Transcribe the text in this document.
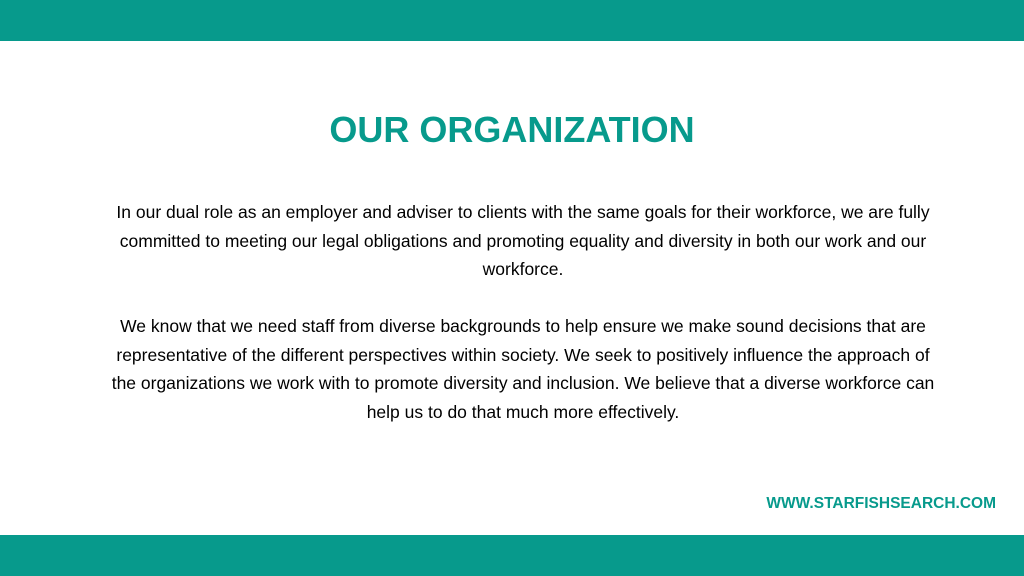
OUR ORGANIZATION

In our dual role as an employer and adviser to clients with the same goals for their workforce, we are fully committed to meeting our legal obligations and promoting equality and diversity in both our work and our workforce.

We know that we need staff from diverse backgrounds to help ensure we make sound decisions that are representative of the different perspectives within society. We seek to positively influence the approach of the organizations we work with to promote diversity and inclusion. We believe that a diverse workforce can help us to do that much more effectively.

WWW.STARFISHSEARCH.COM
